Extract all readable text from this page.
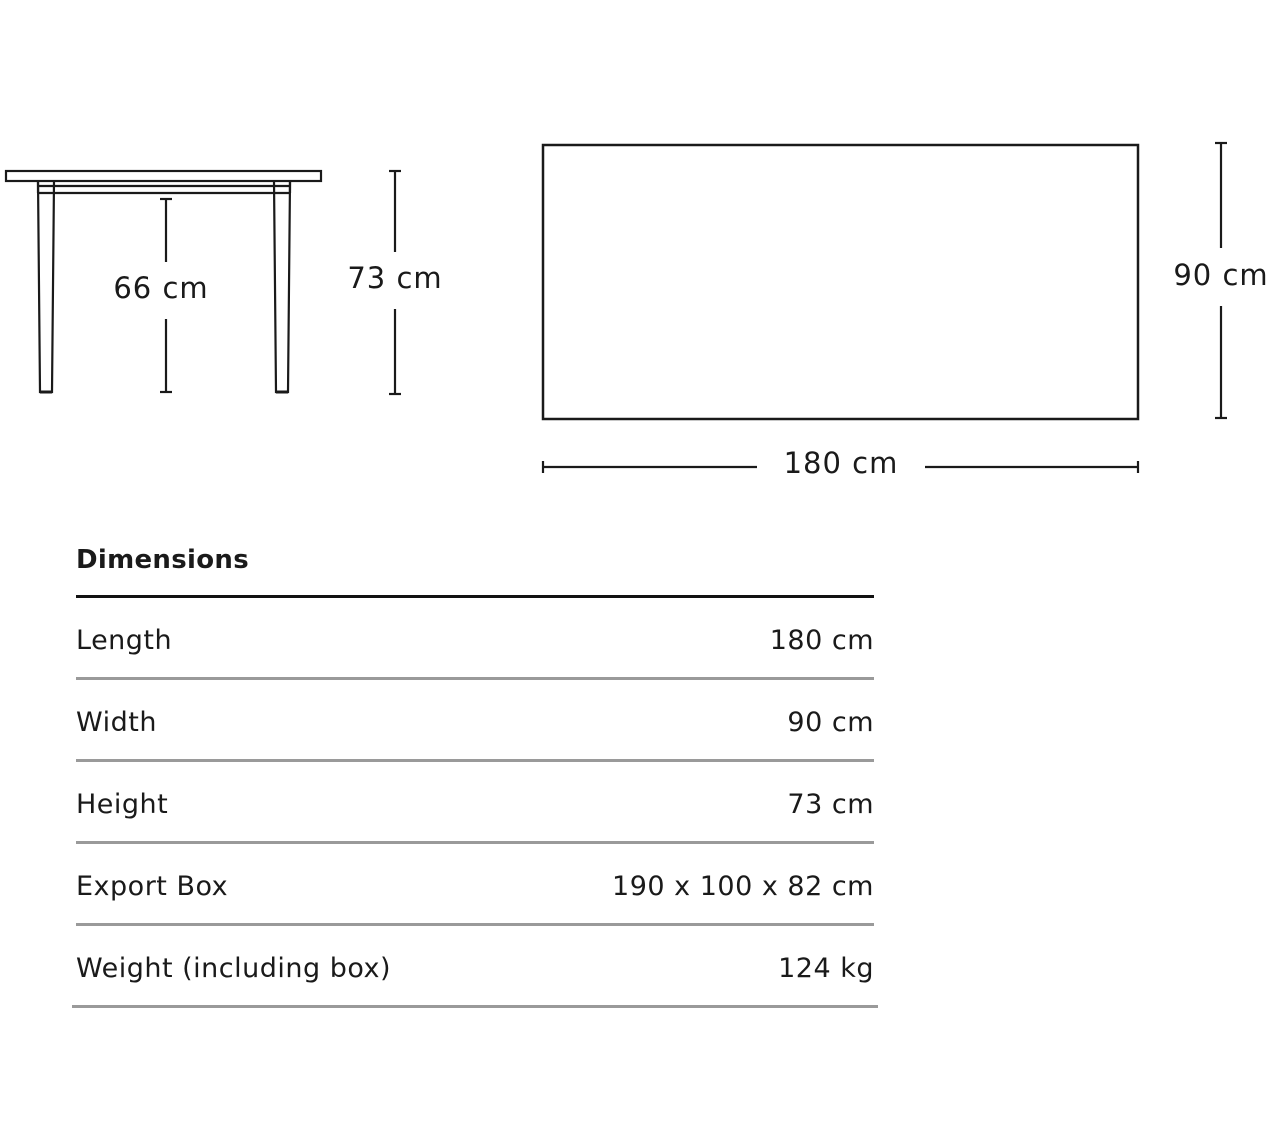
66 cm	73 cm	90 cm
180 cm
Dimensions
Length	180 cm
Width	90 cm
Height	73 cm
Export Box	190 x 100 x 82 cm
Weight (including box)	124 kg
